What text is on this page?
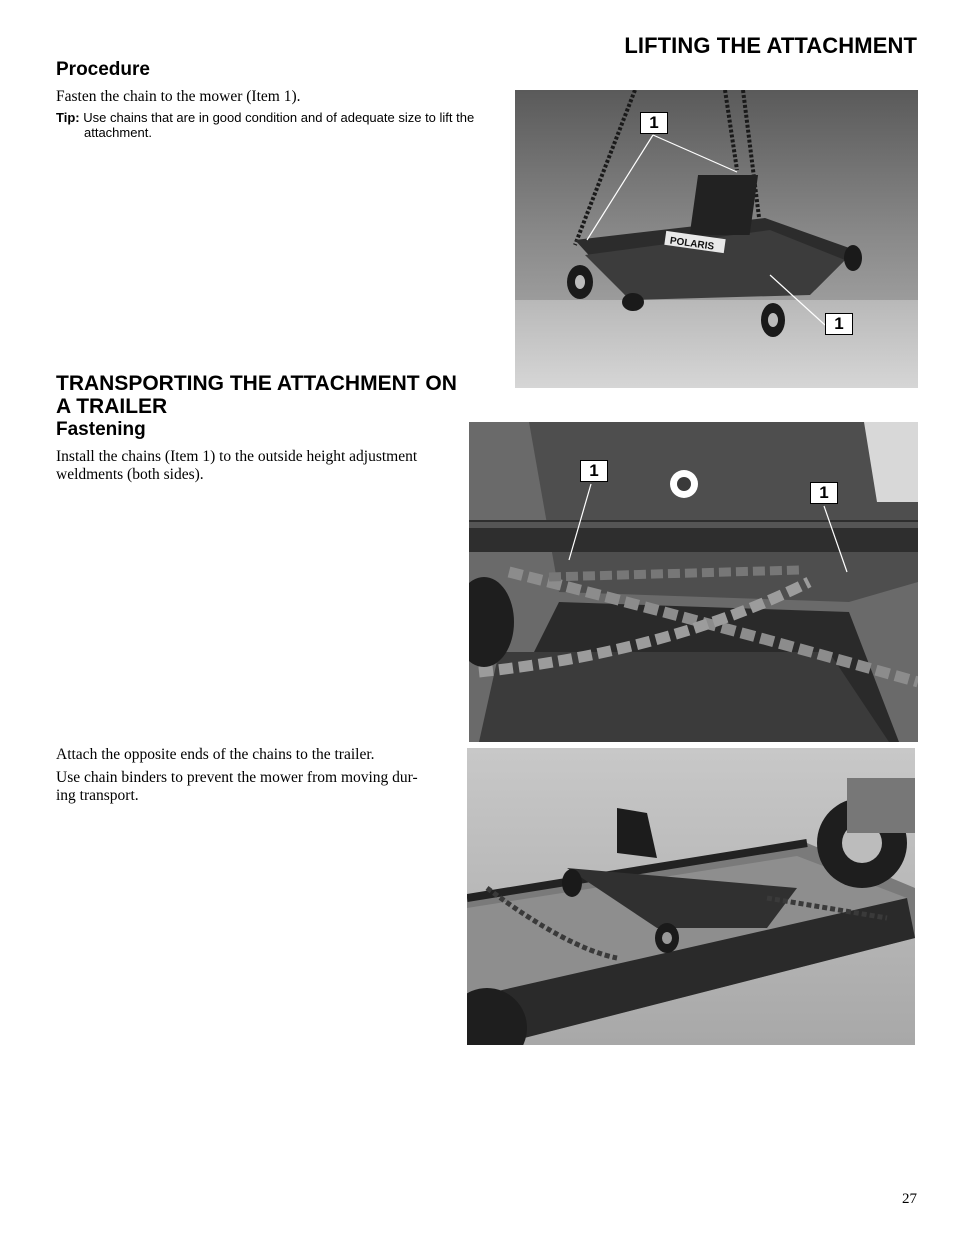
LIFTING THE ATTACHMENT
Procedure
Fasten the chain to the mower (Item 1).
Tip: Use chains that are in good condition and of adequate size to lift the
attachment.
POLARIS
1
1
TRANSPORTING THE ATTACHMENT ON
A TRAILER
Fastening
Install the chains (Item 1) to the outside height adjustment
weldments (both sides).	1
1
Attach the opposite ends of the chains to the trailer.
Use chain binders to prevent the mower from moving dur-
ing transport.
27
